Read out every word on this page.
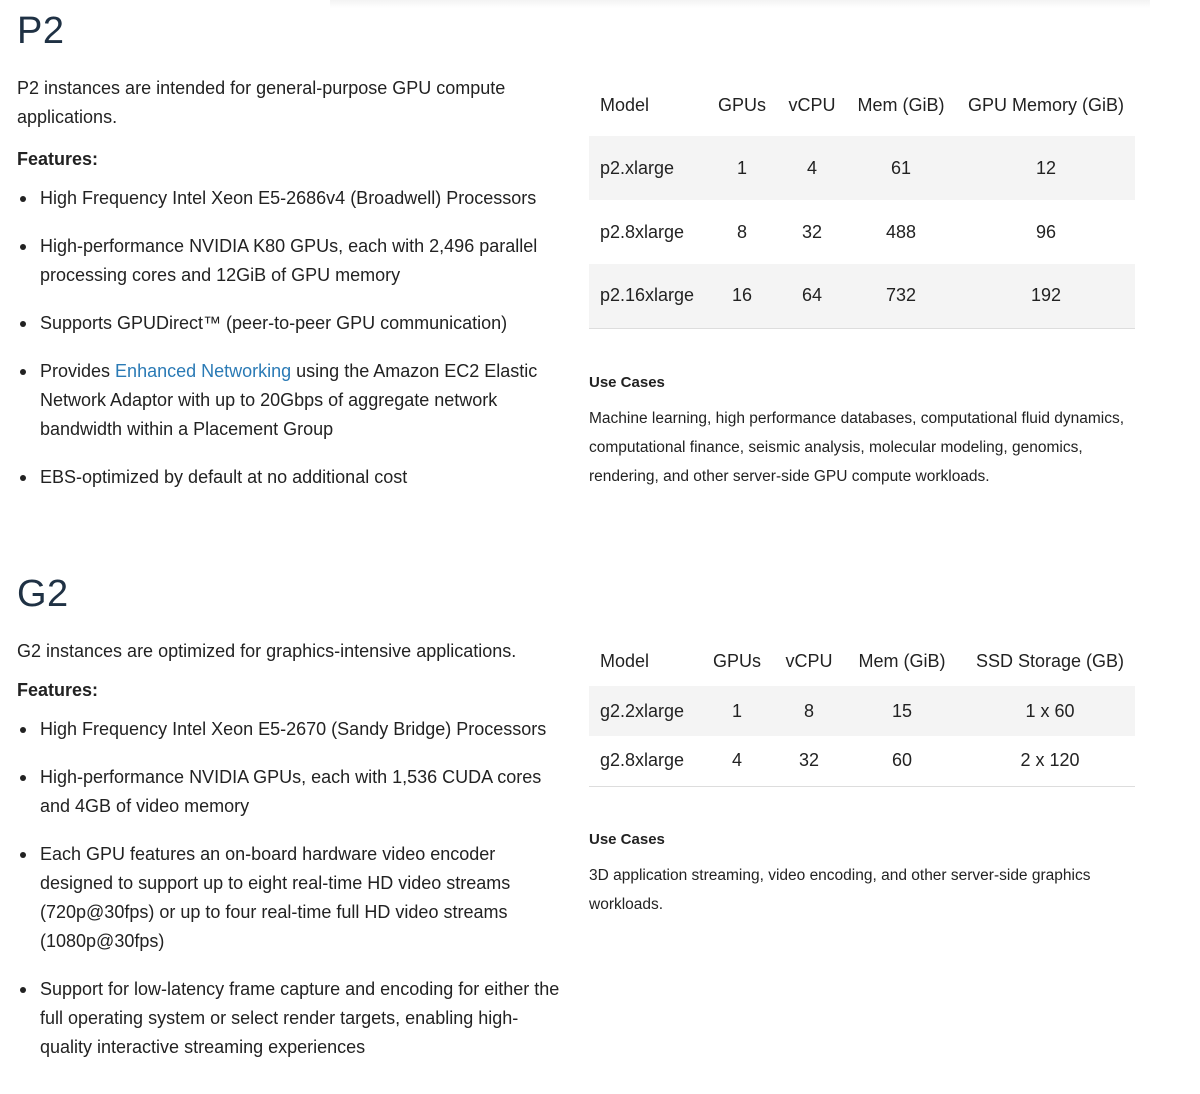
P2

P2 instances are intended for general-purpose GPU compute applications.

Features:

High Frequency Intel Xeon E5-2686v4 (Broadwell) Processors
High-performance NVIDIA K80 GPUs, each with 2,496 parallel processing cores and 12GiB of GPU memory
Supports GPUDirect™ (peer-to-peer GPU communication)
Provides Enhanced Networking using the Amazon EC2 Elastic Network Adaptor with up to 20Gbps of aggregate network bandwidth within a Placement Group
EBS-optimized by default at no additional cost
Model	GPUs	vCPU	Mem (GiB)	GPU Memory (GiB)
p2.xlarge	1	4	61	12
p2.8xlarge	8	32	488	96
p2.16xlarge	16	64	732	192

Use Cases

Machine learning, high performance databases, computational fluid dynamics, computational finance, seismic analysis, molecular modeling, genomics, rendering, and other server-side GPU compute workloads.

G2

G2 instances are optimized for graphics-intensive applications.

Features:

High Frequency Intel Xeon E5-2670 (Sandy Bridge) Processors
High-performance NVIDIA GPUs, each with 1,536 CUDA cores and 4GB of video memory
Each GPU features an on-board hardware video encoder designed to support up to eight real-time HD video streams (720p@30fps) or up to four real-time full HD video streams (1080p@30fps)
Support for low-latency frame capture and encoding for either the full operating system or select render targets, enabling high-quality interactive streaming experiences
Model	GPUs	vCPU	Mem (GiB)	SSD Storage (GB)
g2.2xlarge	1	8	15	1 x 60
g2.8xlarge	4	32	60	2 x 120

Use Cases

3D application streaming, video encoding, and other server-side graphics workloads.
